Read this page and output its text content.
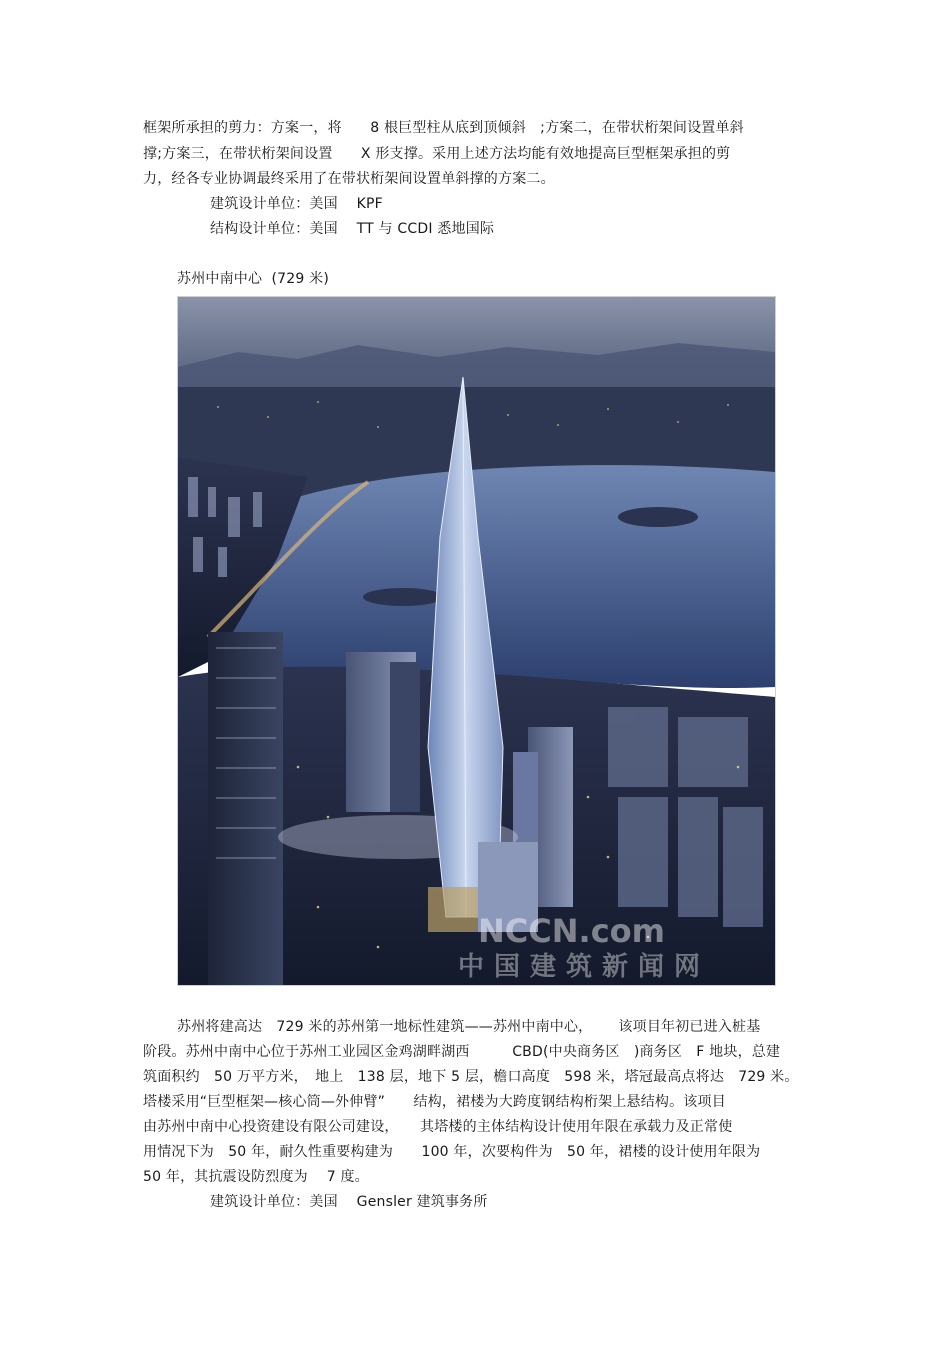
框架所承担的剪力：方案一，将　　8 根巨型柱从底到顶倾斜　;方案二，在带状桁架间设置单斜
撑;方案三，在带状桁架间设置　　X 形支撑。采用上述方法均能有效地提高巨型框架承担的剪
力，经各专业协调最终采用了在带状桁架间设置单斜撑的方案二。
建筑设计单位：美国　 KPF
结构设计单位：美国　 TT 与 CCDI 悉地国际
苏州中南中心  (729 米)
NCCN.com
中国建筑新闻网
苏州将建高达　729 米的苏州第一地标性建筑——苏州中南中心，　　 该项目年初已进入桩基
阶段。苏州中南中心位于苏州工业园区金鸡湖畔湖西　　　CBD(中央商务区　)商务区　F 地块，总建
筑面积约　50 万平方米，　地上　138 层，地下 5 层，檐口高度　598 米，塔冠最高点将达　729 米。
塔楼采用“巨型框架—核心筒—外伸臂”　　结构，裙楼为大跨度钢结构桁架上悬结构。该项目
由苏州中南中心投资建设有限公司建设，　　其塔楼的主体结构设计使用年限在承载力及正常使
用情况下为　50 年，耐久性重要构建为　　100 年，次要构件为　50 年，裙楼的设计使用年限为
50 年，其抗震设防烈度为　 7 度。
建筑设计单位：美国　 Gensler 建筑事务所
